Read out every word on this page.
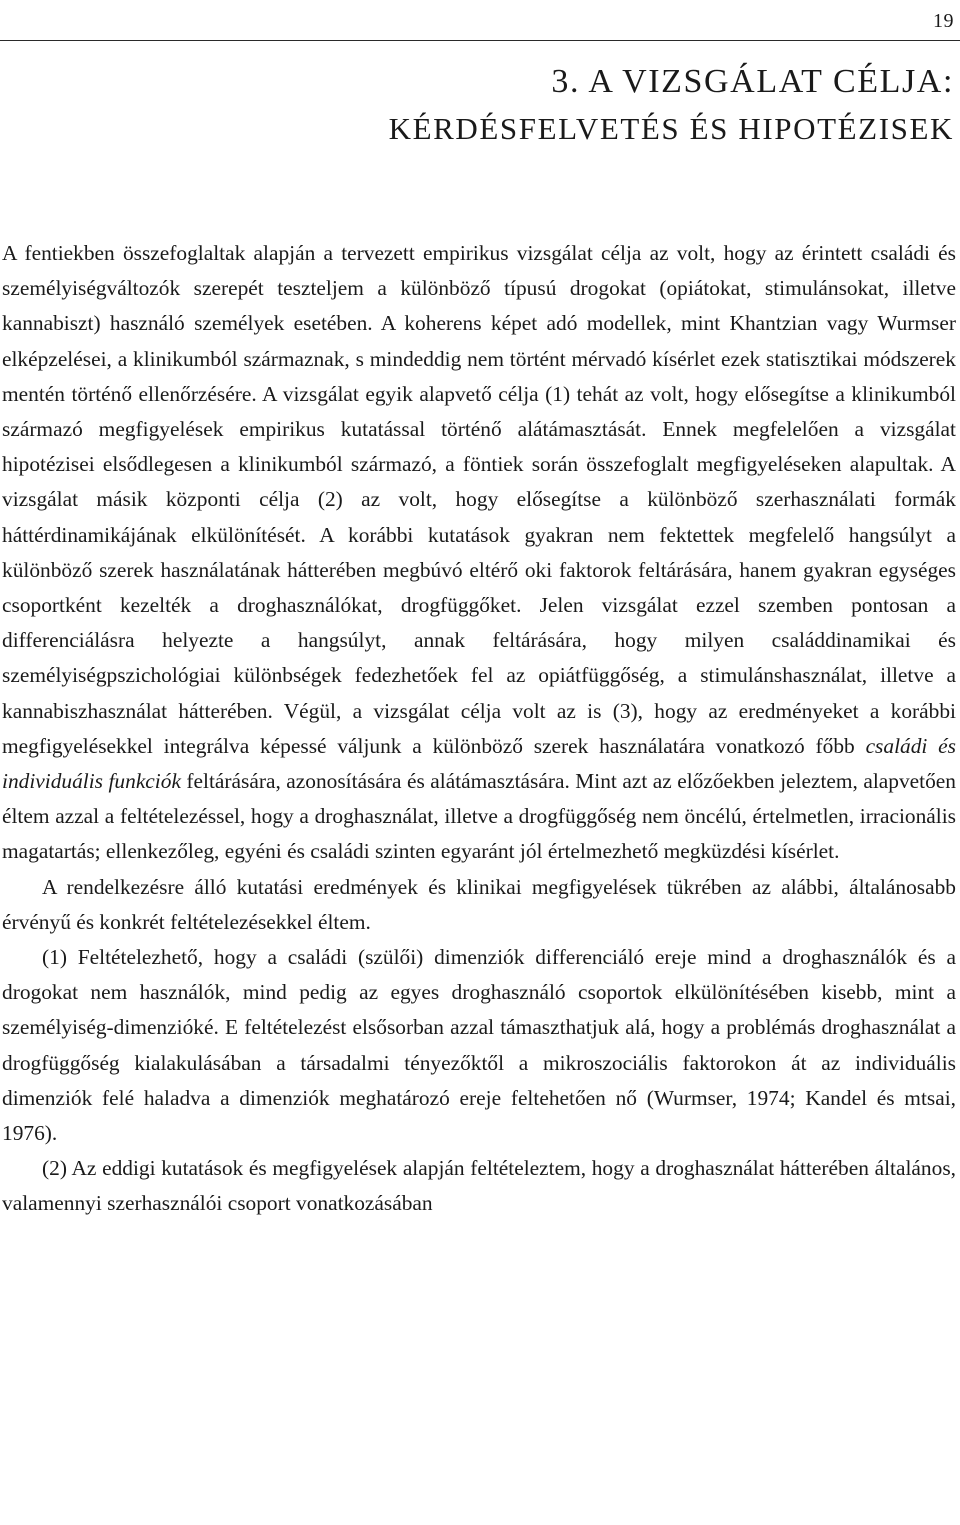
19
3. A VIZSGÁLAT CÉLJA:
KÉRDÉSFELVETÉS ÉS HIPOTÉZISEK

A fentiekben összefoglaltak alapján a tervezett empirikus vizsgálat célja az volt, hogy az érintett családi és személyiségváltozók szerepét teszteljem a különböző típusú drogokat (opiátokat, stimulánsokat, illetve kannabiszt) használó személyek esetében. A koherens képet adó modellek, mint Khantzian vagy Wurmser elképzelései, a klinikumból származnak, s mindeddig nem történt mérvadó kísérlet ezek statisztikai módszerek mentén történő ellenőrzésére. A vizsgálat egyik alapvető célja (1) tehát az volt, hogy elősegítse a klinikumból származó megfigyelések empirikus kutatással történő alátámasztását. Ennek megfelelően a vizsgálat hipotézisei elsődlegesen a klinikumból származó, a föntiek során összefoglalt megfigyeléseken alapultak. A vizsgálat másik központi célja (2) az volt, hogy elősegítse a különböző szerhasználati formák háttérdinamikájának elkülönítését. A korábbi kutatások gyakran nem fektettek megfelelő hangsúlyt a különböző szerek használatának hátterében megbúvó eltérő oki faktorok feltárására, hanem gyakran egységes csoportként kezelték a droghasználókat, drogfüggőket. Jelen vizsgálat ezzel szemben pontosan a differenciálásra helyezte a hangsúlyt, annak feltárására, hogy milyen családdinamikai és személyiségpszichológiai különbségek fedezhetőek fel az opiátfüggőség, a stimulánshasználat, illetve a kannabiszhasználat hátterében. Végül, a vizsgálat célja volt az is (3), hogy az eredményeket a korábbi megfigyelésekkel integrálva képessé váljunk a különböző szerek használatára vonatkozó főbb családi és individuális funkciók feltárására, azonosítására és alátámasztására. Mint azt az előzőekben jeleztem, alapvetően éltem azzal a feltételezéssel, hogy a droghasználat, illetve a drogfüggőség nem öncélú, értelmetlen, irracionális magatartás; ellenkezőleg, egyéni és családi szinten egyaránt jól értelmezhető megküzdési kísérlet.

A rendelkezésre álló kutatási eredmények és klinikai megfigyelések tükrében az alábbi, általánosabb érvényű és konkrét feltételezésekkel éltem.

(1) Feltételezhető, hogy a családi (szülői) dimenziók differenciáló ereje mind a droghasználók és a drogokat nem használók, mind pedig az egyes droghasználó csoportok elkülönítésében kisebb, mint a személyiség-dimenzióké. E feltételezést elsősorban azzal támaszthatjuk alá, hogy a problémás droghasználat a drogfüggőség kialakulásában a társadalmi tényezőktől a mikroszociális faktorokon át az individuális dimenziók felé haladva a dimenziók meghatározó ereje feltehetően nő (Wurmser, 1974; Kandel és mtsai, 1976).

(2) Az eddigi kutatások és megfigyelések alapján feltételeztem, hogy a droghasználat hátterében általános, valamennyi szerhasználói csoport vonatkozásában
